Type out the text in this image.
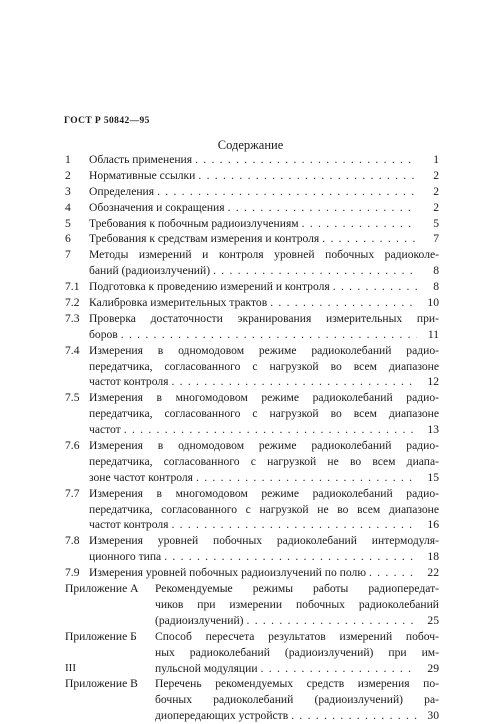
ГОСТ Р 50842—95
Содержание
1 Область применения . . .	1
2 Нормативные ссылки . . .	2
3 Определения . . .	2
4 Обозначения и сокращения . . .	2
5 Требования к побочным радиоизлучениям . . .	5
6 Требования к средствам измерения и контроля . . .	7
7 Методы измерений и контроля уровней побочных радиоколе-
баний (радиоизлучений) . . .	8
7.1 Подготовка к проведению измерений и контроля . . .	8
7.2 Калибровка измерительных трактов . . .	10
7.3 Проверка достаточности экранирования измерительных при-
боров . . .	11
7.4 Измерения в одномодовом режиме радиоколебаний радио-
передатчика, согласованного с нагрузкой во всем диапазоне
частот контроля . . .	12
7.5 Измерения в многомодовом режиме радиоколебаний радио-
передатчика, согласованного с нагрузкой во всем диапазоне
частот . . .	13
7.6 Измерения в одномодовом режиме радиоколебаний радио-
передатчика, согласованного с нагрузкой не во всем диапа-
зоне частот контроля . . .	15
7.7 Измерения в многомодовом режиме радиоколебаний радио-
передатчика, согласованного с нагрузкой не во всем диапазоне
частот контроля . . .	16
7.8 Измерения уровней побочных радиоколебаний интермодуля-
ционного типа . . .	18
7.9 Измерения уровней побочных радиоизлучений по полю . . .	22
Приложение А Рекомендуемые режимы работы радиопередат-
чиков при измерении побочных радиоколебаний
(радиоизлучений) . . .	25
Приложение Б Способ пересчета результатов измерений побоч-
ных радиоколебаний (радиоизлучений) при им-
пульсной модуляции . . .	29
Приложение В Перечень рекомендуемых средств измерения по-
бочных радиоколебаний (радиоизлучений) ра-
диопередающих устройств . . .	30
III
